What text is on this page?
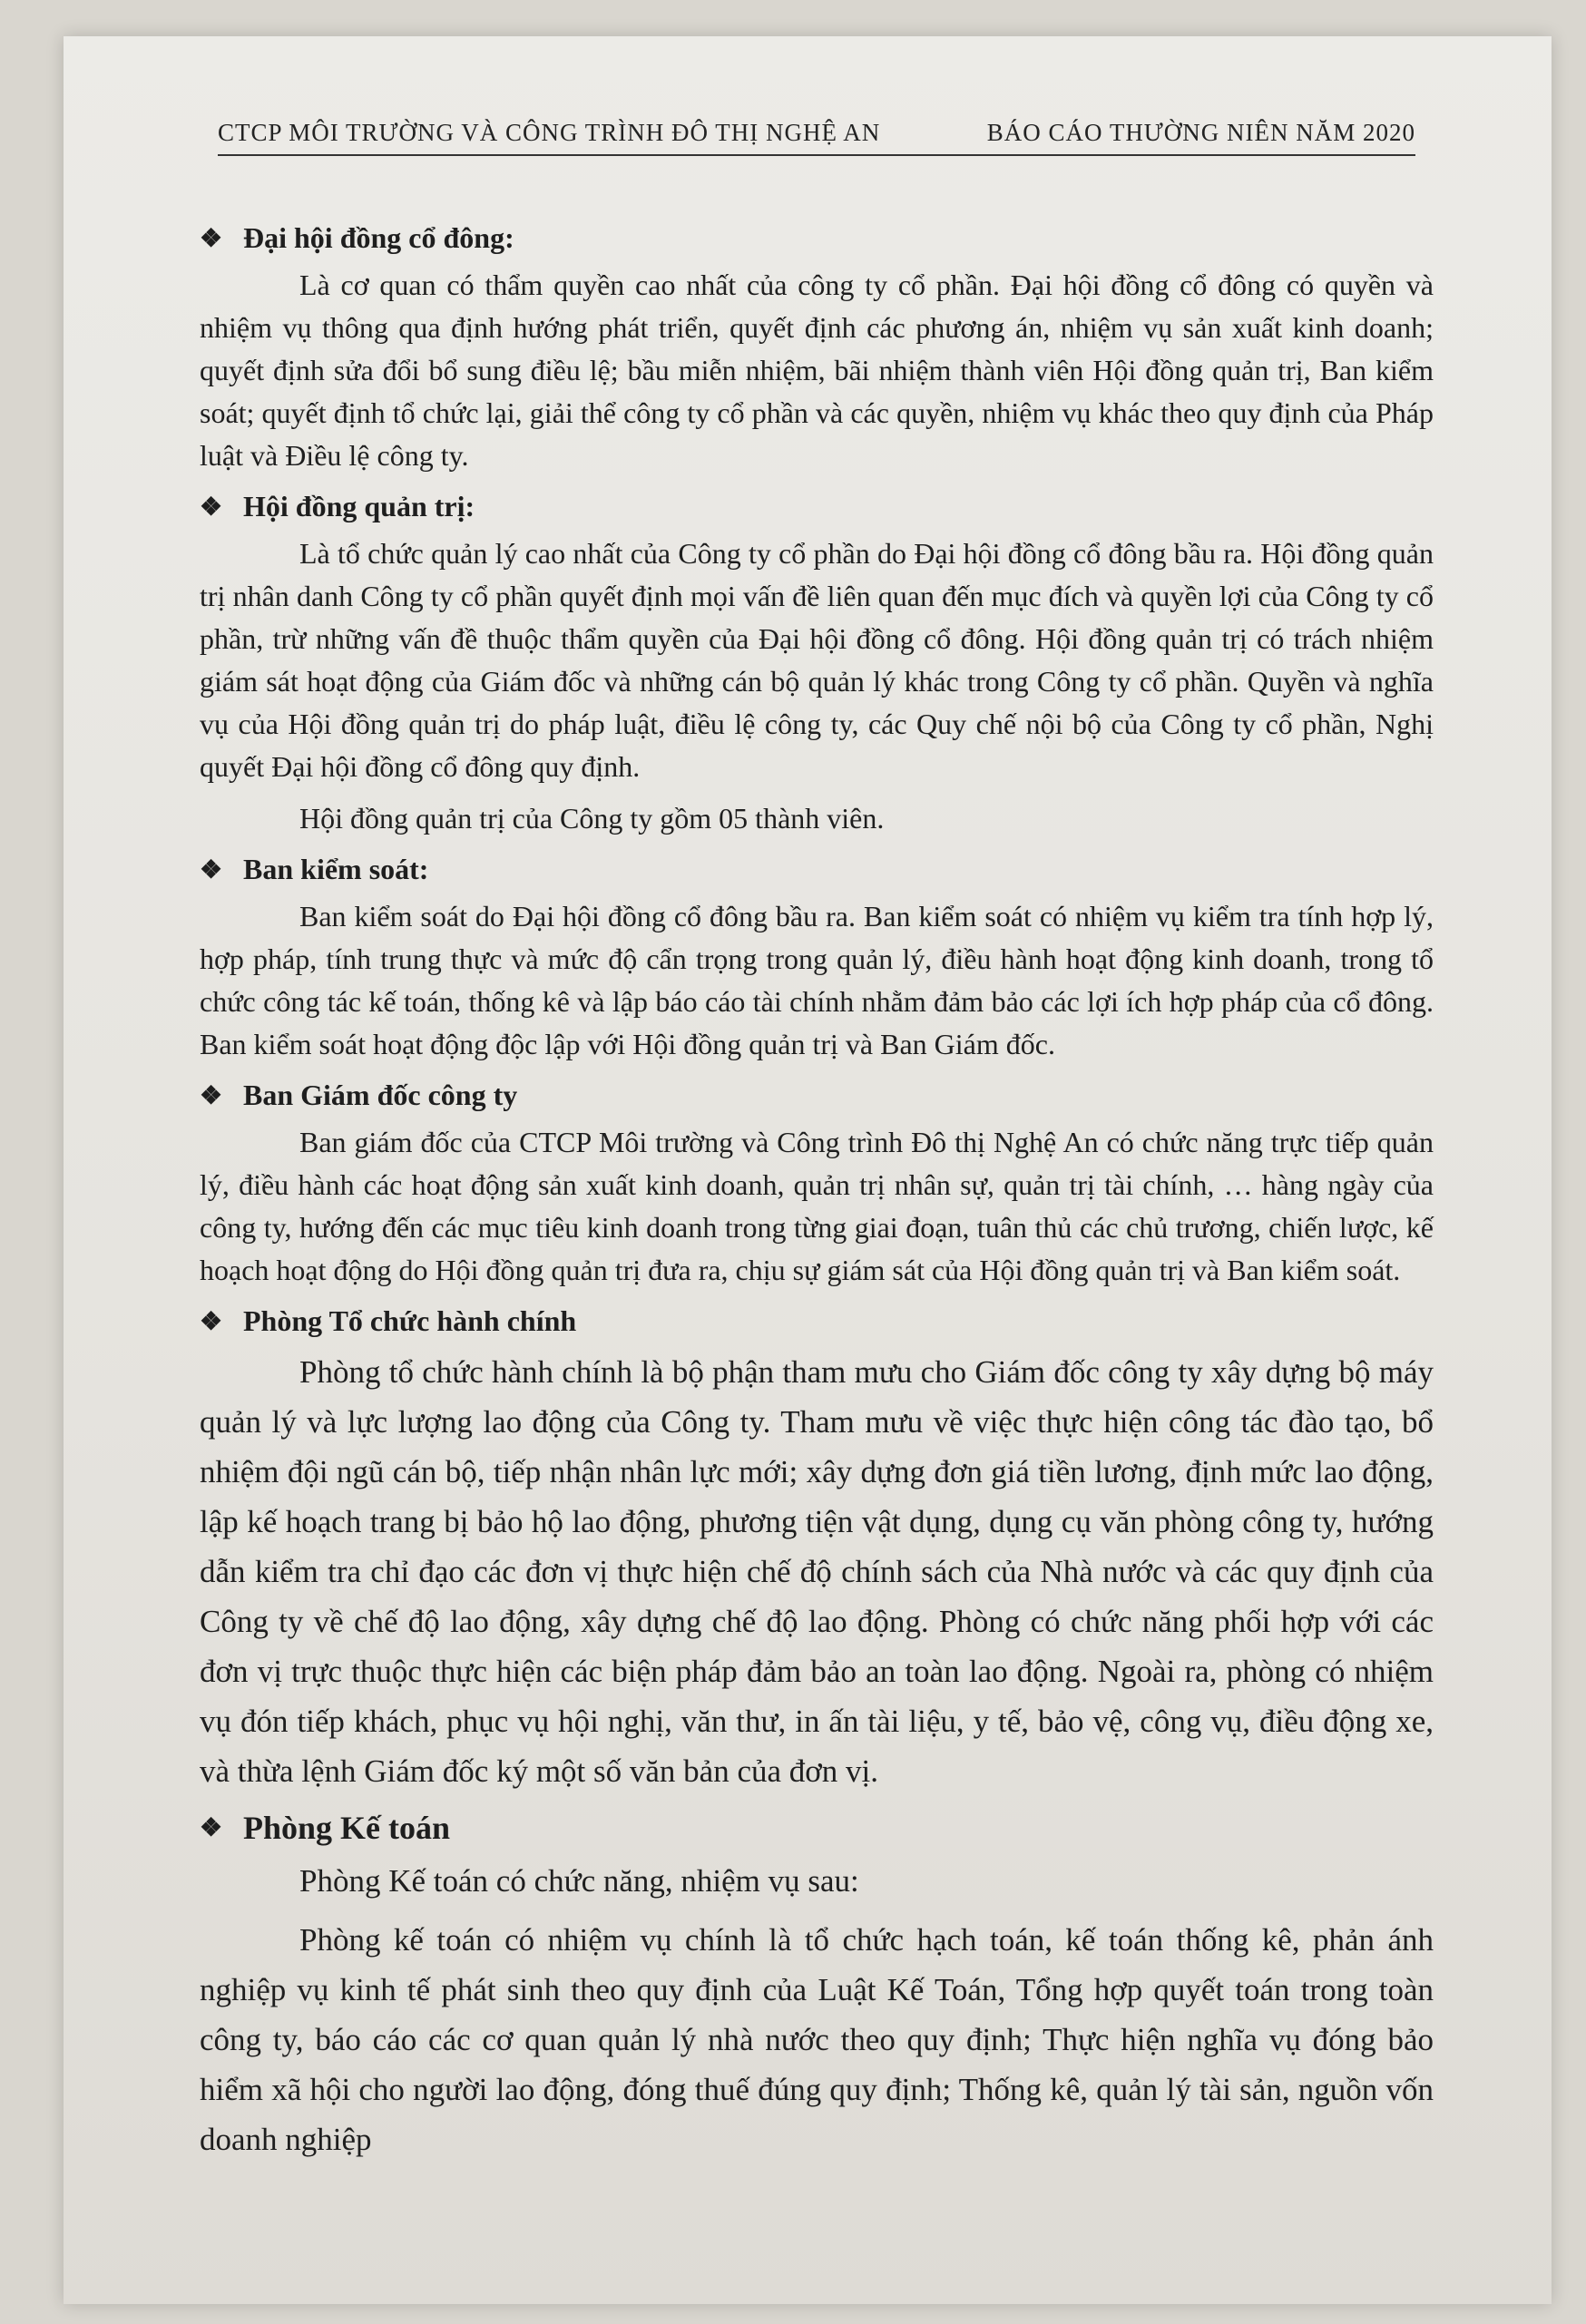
CTCP MÔI TRƯỜNG VÀ CÔNG TRÌNH ĐÔ THỊ NGHỆ AN	BÁO CÁO THƯỜNG NIÊN NĂM 2020
❖ Đại hội đồng cổ đông:

Là cơ quan có thẩm quyền cao nhất của công ty cổ phần. Đại hội đồng cổ đông có quyền và nhiệm vụ thông qua định hướng phát triển, quyết định các phương án, nhiệm vụ sản xuất kinh doanh; quyết định sửa đổi bổ sung điều lệ; bầu miễn nhiệm, bãi nhiệm thành viên Hội đồng quản trị, Ban kiểm soát; quyết định tổ chức lại, giải thể công ty cổ phần và các quyền, nhiệm vụ khác theo quy định của Pháp luật và Điều lệ công ty.

❖ Hội đồng quản trị:

Là tổ chức quản lý cao nhất của Công ty cổ phần do Đại hội đồng cổ đông bầu ra. Hội đồng quản trị nhân danh Công ty cổ phần quyết định mọi vấn đề liên quan đến mục đích và quyền lợi của Công ty cổ phần, trừ những vấn đề thuộc thẩm quyền của Đại hội đồng cổ đông. Hội đồng quản trị có trách nhiệm giám sát hoạt động của Giám đốc và những cán bộ quản lý khác trong Công ty cổ phần. Quyền và nghĩa vụ của Hội đồng quản trị do pháp luật, điều lệ công ty, các Quy chế nội bộ của Công ty cổ phần, Nghị quyết Đại hội đồng cổ đông quy định.

Hội đồng quản trị của Công ty gồm 05 thành viên.

❖ Ban kiểm soát:

Ban kiểm soát do Đại hội đồng cổ đông bầu ra. Ban kiểm soát có nhiệm vụ kiểm tra tính hợp lý, hợp pháp, tính trung thực và mức độ cẩn trọng trong quản lý, điều hành hoạt động kinh doanh, trong tổ chức công tác kế toán, thống kê và lập báo cáo tài chính nhằm đảm bảo các lợi ích hợp pháp của cổ đông. Ban kiểm soát hoạt động độc lập với Hội đồng quản trị và Ban Giám đốc.

❖ Ban Giám đốc công ty

Ban giám đốc của CTCP Môi trường và Công trình Đô thị Nghệ An có chức năng trực tiếp quản lý, điều hành các hoạt động sản xuất kinh doanh, quản trị nhân sự, quản trị tài chính, … hàng ngày của công ty, hướng đến các mục tiêu kinh doanh trong từng giai đoạn, tuân thủ các chủ trương, chiến lược, kế hoạch hoạt động do Hội đồng quản trị đưa ra, chịu sự giám sát của Hội đồng quản trị và Ban kiểm soát.

❖ Phòng Tổ chức hành chính

Phòng tổ chức hành chính là bộ phận tham mưu cho Giám đốc công ty xây dựng bộ máy quản lý và lực lượng lao động của Công ty. Tham mưu về việc thực hiện công tác đào tạo, bổ nhiệm đội ngũ cán bộ, tiếp nhận nhân lực mới; xây dựng đơn giá tiền lương, định mức lao động, lập kế hoạch trang bị bảo hộ lao động, phương tiện vật dụng, dụng cụ văn phòng công ty, hướng dẫn kiểm tra chỉ đạo các đơn vị thực hiện chế độ chính sách của Nhà nước và các quy định của Công ty về chế độ lao động, xây dựng chế độ lao động. Phòng có chức năng phối hợp với các đơn vị trực thuộc thực hiện các biện pháp đảm bảo an toàn lao động. Ngoài ra, phòng có nhiệm vụ đón tiếp khách, phục vụ hội nghị, văn thư, in ấn tài liệu, y tế, bảo vệ, công vụ, điều động xe, và thừa lệnh Giám đốc ký một số văn bản của đơn vị.

❖ Phòng Kế toán

Phòng Kế toán có chức năng, nhiệm vụ sau:

Phòng kế toán có nhiệm vụ chính là tổ chức hạch toán, kế toán thống kê, phản ánh nghiệp vụ kinh tế phát sinh theo quy định của Luật Kế Toán, Tổng hợp quyết toán trong toàn công ty, báo cáo các cơ quan quản lý nhà nước theo quy định; Thực hiện nghĩa vụ đóng bảo hiểm xã hội cho người lao động, đóng thuế đúng quy định; Thống kê, quản lý tài sản, nguồn vốn doanh nghiệp
